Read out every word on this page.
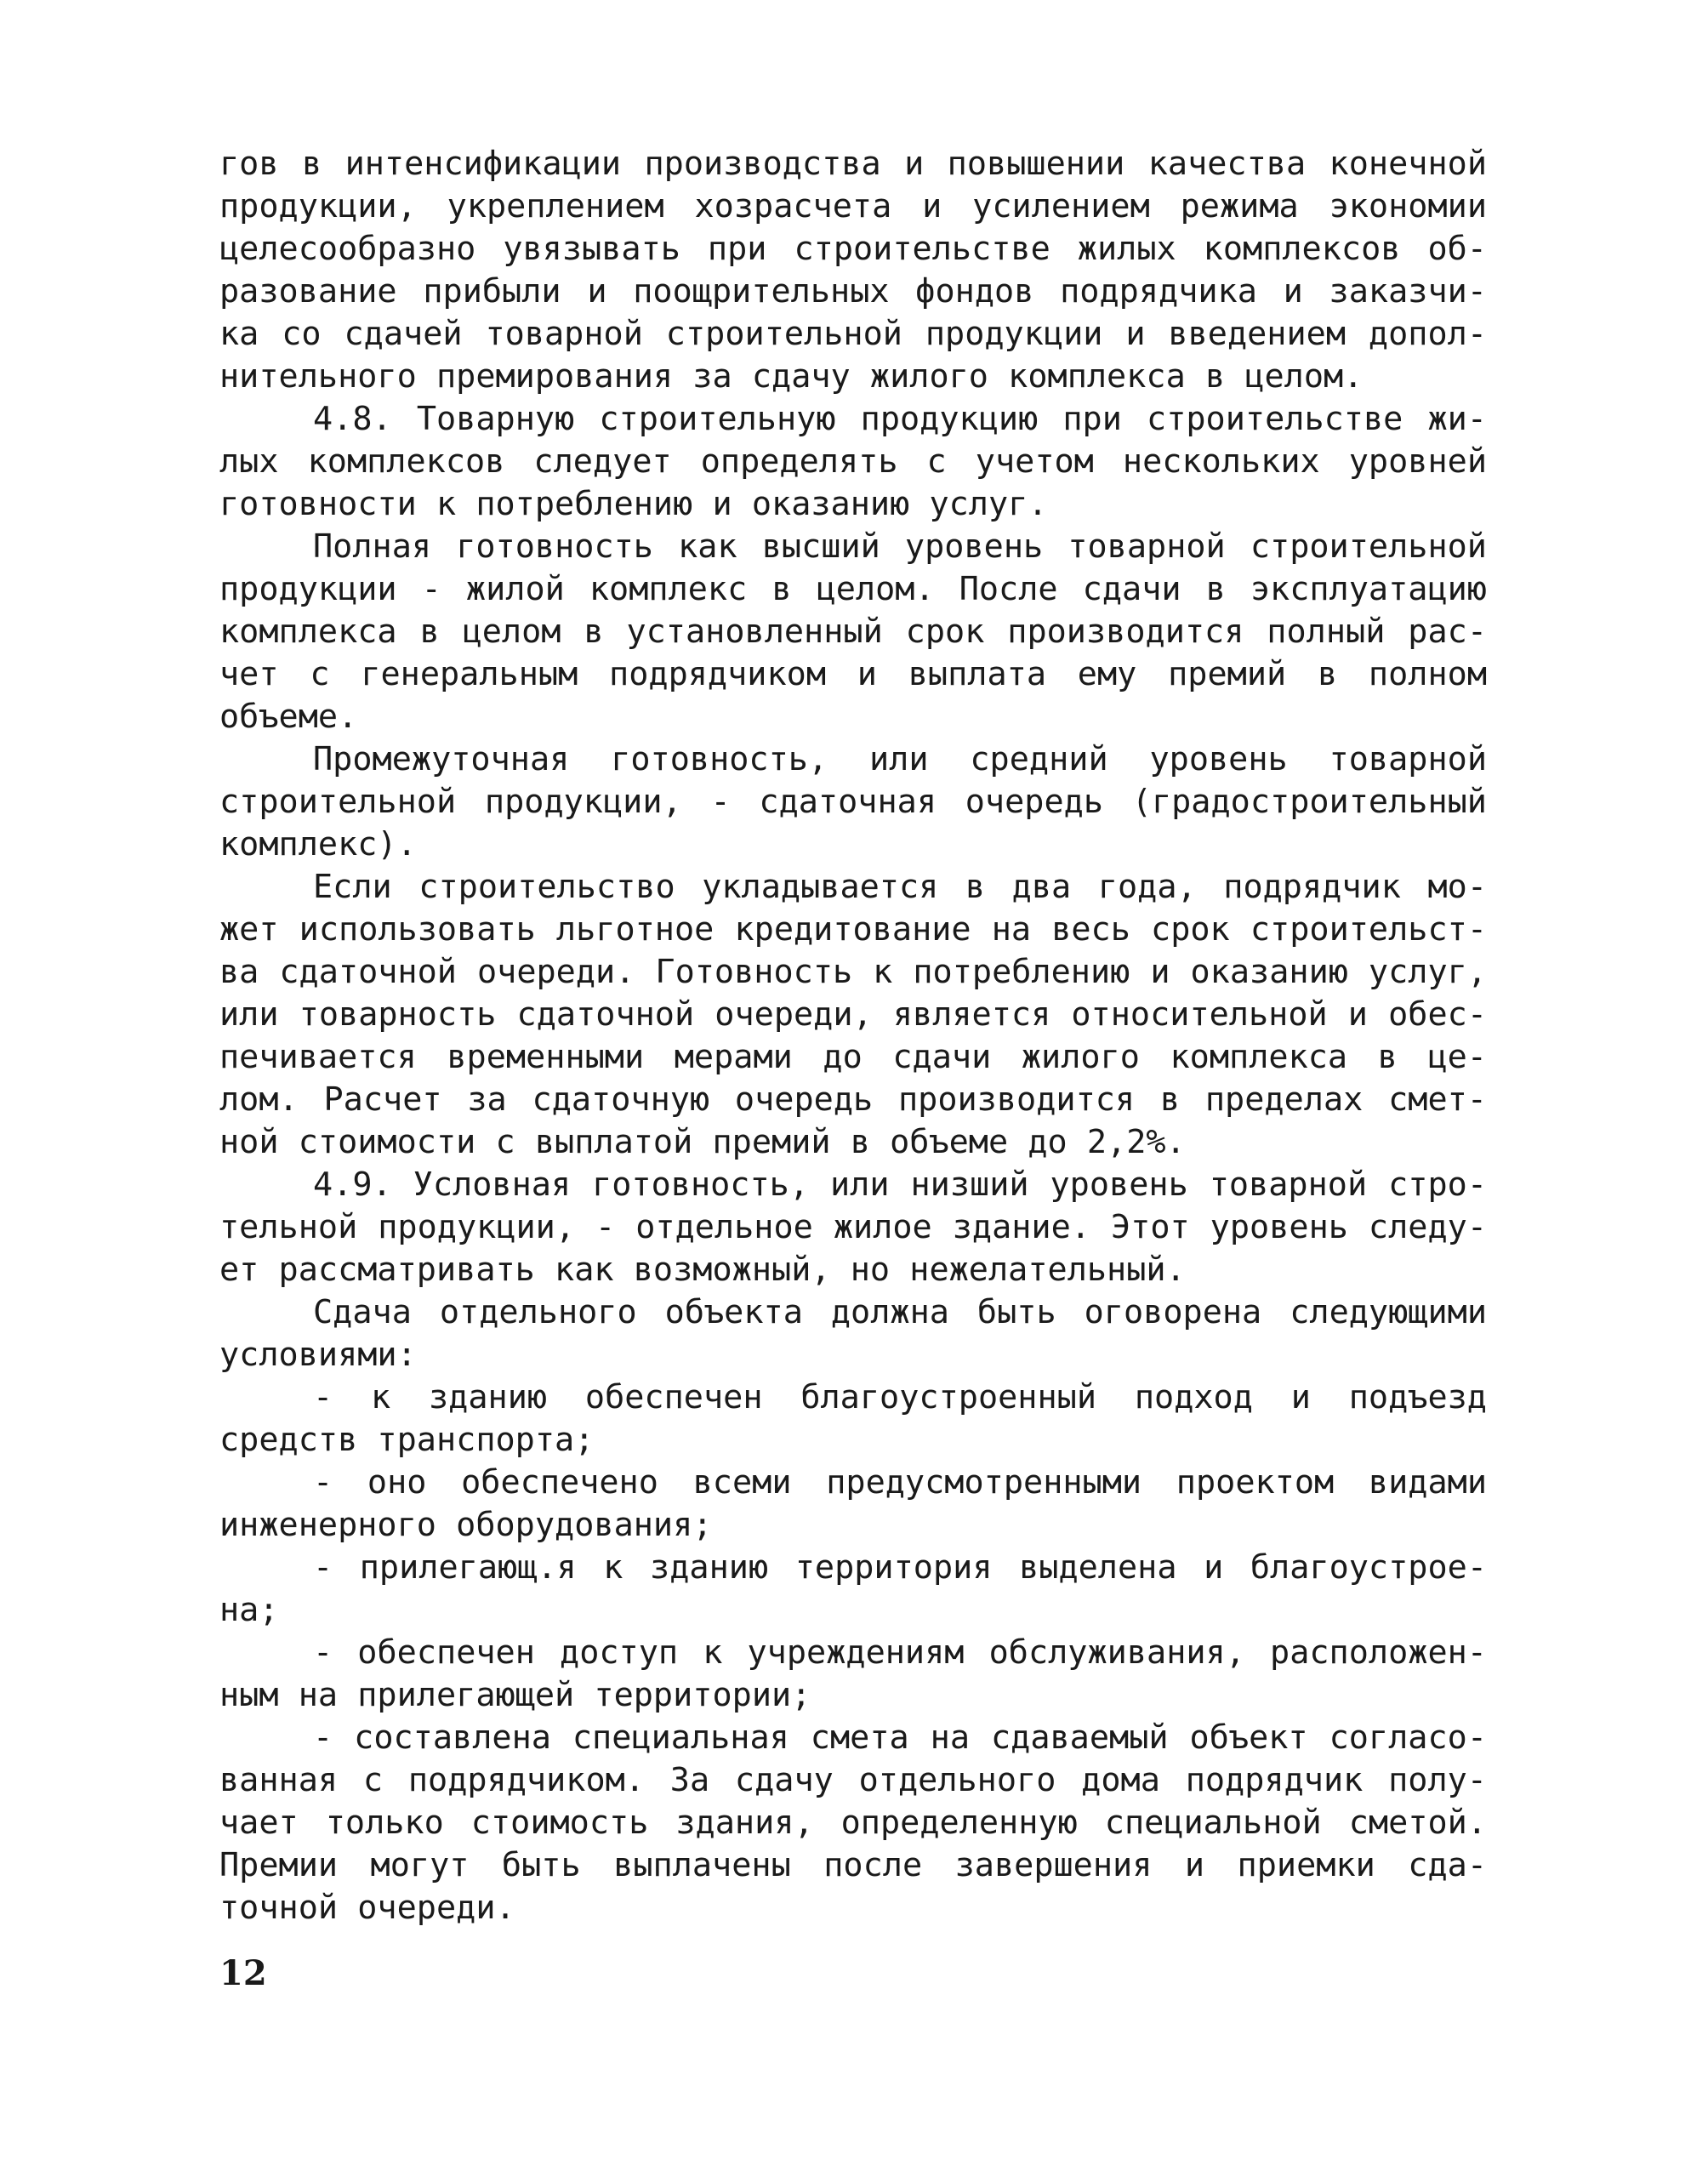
гов в интенсификации производства и повышении качества конечной
продукции, укреплением хозрасчета и усилением режима экономии
целесообразно увязывать при строительстве жилых комплексов об-
разование прибыли и поощрительных фондов подрядчика и заказчи-
ка со сдачей товарной строительной продукции и введением допол-
нительного премирования за сдачу жилого комплекса в целом.
4.8. Товарную строительную продукцию при строительстве жи-
лых комплексов следует определять с учетом нескольких уровней
готовности к потреблению и оказанию услуг.
Полная готовность как высший уровень товарной строительной
продукции - жилой комплекс в целом. После сдачи в эксплуатацию
комплекса в целом в установленный срок производится полный рас-
чет с генеральным подрядчиком и выплата ему премий в полном
объеме.
Промежуточная готовность, или средний уровень товарной
строительной продукции, - сдаточная очередь (градостроительный
комплекс).
Если строительство укладывается в два года, подрядчик мо-
жет использовать льготное кредитование на весь срок строительст-
ва сдаточной очереди. Готовность к потреблению и оказанию услуг,
или товарность сдаточной очереди, является относительной и обес-
печивается временными мерами до сдачи жилого комплекса в це-
лом. Расчет за сдаточную очередь производится в пределах смет-
ной стоимости с выплатой премий в объеме до 2,2%.
4.9. Условная готовность, или низший уровень товарной стро-
тельной продукции, - отдельное жилое здание. Этот уровень следу-
ет рассматривать как возможный, но нежелательный.
Сдача отдельного объекта должна быть оговорена следующими
условиями:
- к зданию обеспечен благоустроенный подход и подъезд
средств транспорта;
- оно обеспечено всеми предусмотренными проектом видами
инженерного оборудования;
- прилегающ.я к зданию территория выделена и благоустрое-
на;
- обеспечен доступ к учреждениям обслуживания, расположен-
ным на прилегающей территории;
- составлена специальная смета на сдаваемый объект согласо-
ванная с подрядчиком. За сдачу отдельного дома подрядчик полу-
чает только стоимость здания, определенную специальной сметой.
Премии могут быть выплачены после завершения и приемки сда-
точной очереди.
12
